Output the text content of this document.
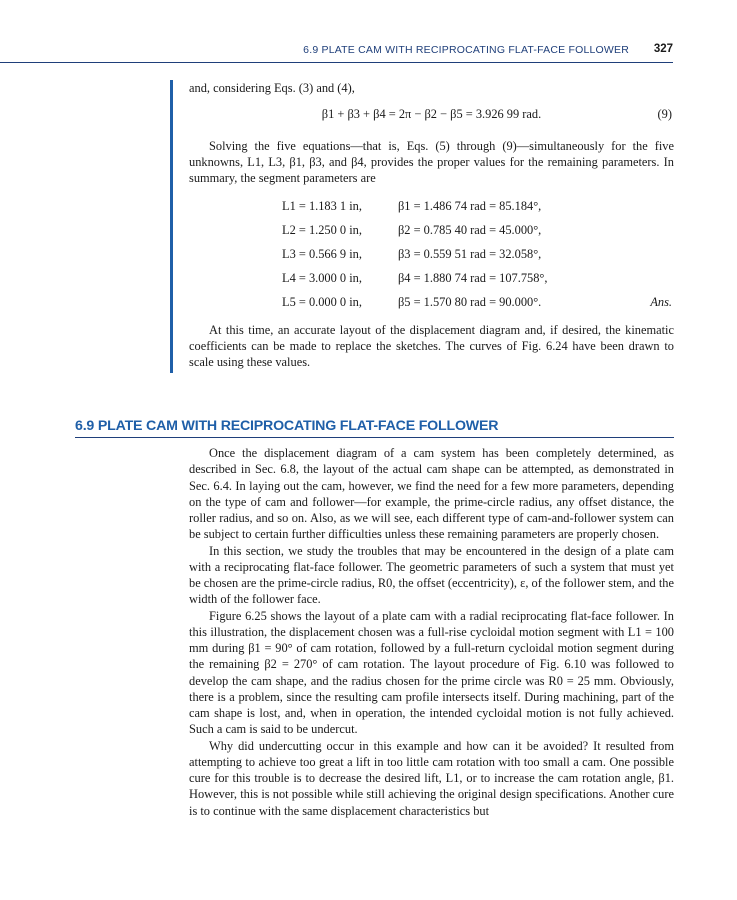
6.9 PLATE CAM WITH RECIPROCATING FLAT-FACE FOLLOWER 327

and, considering Eqs. (3) and (4),

β1 + β3 + β4 = 2π − β2 − β5 = 3.926 99 rad.	(9)

Solving the five equations—that is, Eqs. (5) through (9)—simultaneously for the five unknowns, L1, L3, β1, β3, and β4, provides the proper values for the remaining parameters. In summary, the segment parameters are

L1 = 1.183 1 in,	β1 = 1.486 74 rad = 85.184°,
L2 = 1.250 0 in,	β2 = 0.785 40 rad = 45.000°,
L3 = 0.566 9 in,	β3 = 0.559 51 rad = 32.058°,
L4 = 3.000 0 in,	β4 = 1.880 74 rad = 107.758°,
L5 = 0.000 0 in,	β5 = 1.570 80 rad = 90.000°.	Ans.

At this time, an accurate layout of the displacement diagram and, if desired, the kinematic coefficients can be made to replace the sketches. The curves of Fig. 6.24 have been drawn to scale using these values.

6.9 PLATE CAM WITH RECIPROCATING FLAT-FACE FOLLOWER

Once the displacement diagram of a cam system has been completely determined, as described in Sec. 6.8, the layout of the actual cam shape can be attempted, as demonstrated in Sec. 6.4. In laying out the cam, however, we find the need for a few more parameters, depending on the type of cam and follower—for example, the prime-circle radius, any offset distance, the roller radius, and so on. Also, as we will see, each different type of cam-and-follower system can be subject to certain further difficulties unless these remaining parameters are properly chosen.

In this section, we study the troubles that may be encountered in the design of a plate cam with a reciprocating flat-face follower. The geometric parameters of such a system that must yet be chosen are the prime-circle radius, R0, the offset (eccentricity), ε, of the follower stem, and the width of the follower face.

Figure 6.25 shows the layout of a plate cam with a radial reciprocating flat-face follower. In this illustration, the displacement chosen was a full-rise cycloidal motion segment with L1 = 100 mm during β1 = 90° of cam rotation, followed by a full-return cycloidal motion segment during the remaining β2 = 270° of cam rotation. The layout procedure of Fig. 6.10 was followed to develop the cam shape, and the radius chosen for the prime circle was R0 = 25 mm. Obviously, there is a problem, since the resulting cam profile intersects itself. During machining, part of the cam shape is lost, and, when in operation, the intended cycloidal motion is not fully achieved. Such a cam is said to be undercut.

Why did undercutting occur in this example and how can it be avoided? It resulted from attempting to achieve too great a lift in too little cam rotation with too small a cam. One possible cure for this trouble is to decrease the desired lift, L1, or to increase the cam rotation angle, β1. However, this is not possible while still achieving the original design specifications. Another cure is to continue with the same displacement characteristics but
